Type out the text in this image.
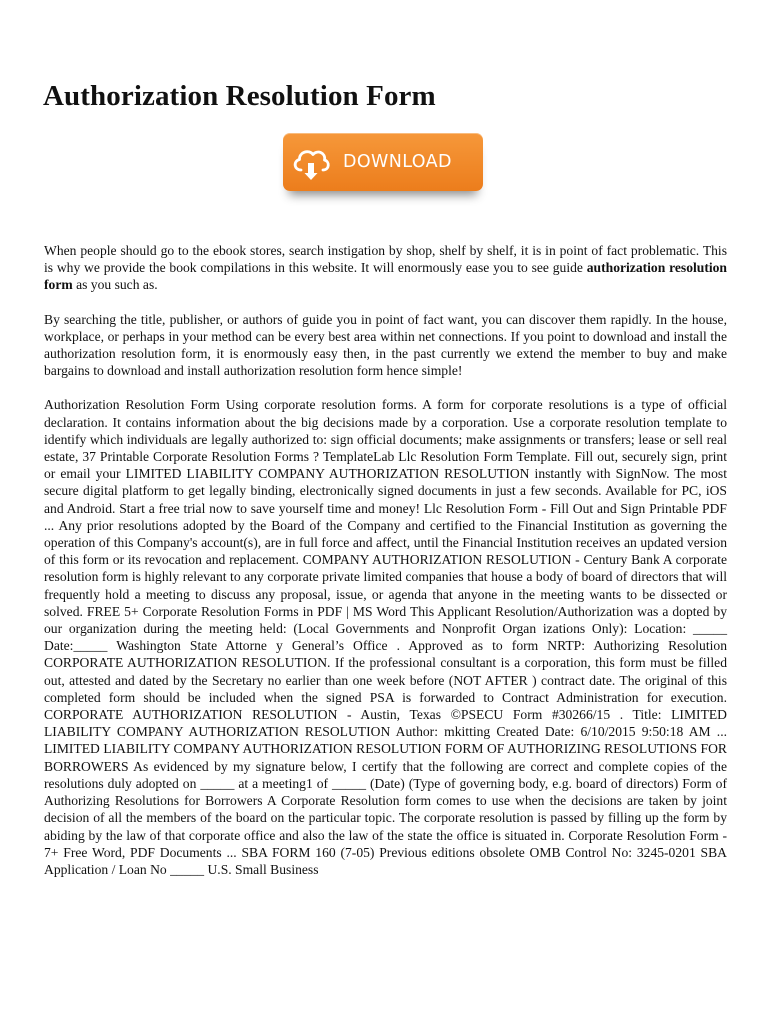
Authorization Resolution Form
DOWNLOAD

When people should go to the ebook stores, search instigation by shop, shelf by shelf, it is in point of fact problematic. This is why we provide the book compilations in this website. It will enormously ease you to see guide authorization resolution form as you such as.

By searching the title, publisher, or authors of guide you in point of fact want, you can discover them rapidly. In the house, workplace, or perhaps in your method can be every best area within net connections. If you point to download and install the authorization resolution form, it is enormously easy then, in the past currently we extend the member to buy and make bargains to download and install authorization resolution form hence simple!

Authorization Resolution Form Using corporate resolution forms. A form for corporate resolutions is a type of official declaration. It contains information about the big decisions made by a corporation. Use a corporate resolution template to identify which individuals are legally authorized to: sign official documents; make assignments or transfers; lease or sell real estate, 37 Printable Corporate Resolution Forms ? TemplateLab Llc Resolution Form Template. Fill out, securely sign, print or email your LIMITED LIABILITY COMPANY AUTHORIZATION RESOLUTION instantly with SignNow. The most secure digital platform to get legally binding, electronically signed documents in just a few seconds. Available for PC, iOS and Android. Start a free trial now to save yourself time and money! Llc Resolution Form - Fill Out and Sign Printable PDF ... Any prior resolutions adopted by the Board of the Company and certified to the Financial Institution as governing the operation of this Company's account(s), are in full force and affect, until the Financial Institution receives an updated version of this form or its revocation and replacement. COMPANY AUTHORIZATION RESOLUTION - Century Bank A corporate resolution form is highly relevant to any corporate private limited companies that house a body of board of directors that will frequently hold a meeting to discuss any proposal, issue, or agenda that anyone in the meeting wants to be dissected or solved. FREE 5+ Corporate Resolution Forms in PDF | MS Word This Applicant Resolution/Authorization was a dopted by our organization during the meeting held: (Local Governments and Nonprofit Organ izations Only): Location: _____ Date:_____ Washington State Attorne y General’s Office . Approved as to form NRTP: Authorizing Resolution CORPORATE AUTHORIZATION RESOLUTION. If the professional consultant is a corporation, this form must be filled out, attested and dated by the Secretary no earlier than one week before (NOT AFTER ) contract date. The original of this completed form should be included when the signed PSA is forwarded to Contract Administration for execution. CORPORATE AUTHORIZATION RESOLUTION - Austin, Texas ©PSECU Form #30266/15 . Title: LIMITED LIABILITY COMPANY AUTHORIZATION RESOLUTION Author: mkitting Created Date: 6/10/2015 9:50:18 AM ... LIMITED LIABILITY COMPANY AUTHORIZATION RESOLUTION FORM OF AUTHORIZING RESOLUTIONS FOR BORROWERS As evidenced by my signature below, I certify that the following are correct and complete copies of the resolutions duly adopted on _____ at a meeting1 of _____ (Date) (Type of governing body, e.g. board of directors) Form of Authorizing Resolutions for Borrowers A Corporate Resolution form comes to use when the decisions are taken by joint decision of all the members of the board on the particular topic. The corporate resolution is passed by filling up the form by abiding by the law of that corporate office and also the law of the state the office is situated in. Corporate Resolution Form - 7+ Free Word, PDF Documents ... SBA FORM 160 (7-05) Previous editions obsolete OMB Control No: 3245-0201 SBA Application / Loan No _____ U.S. Small Business
